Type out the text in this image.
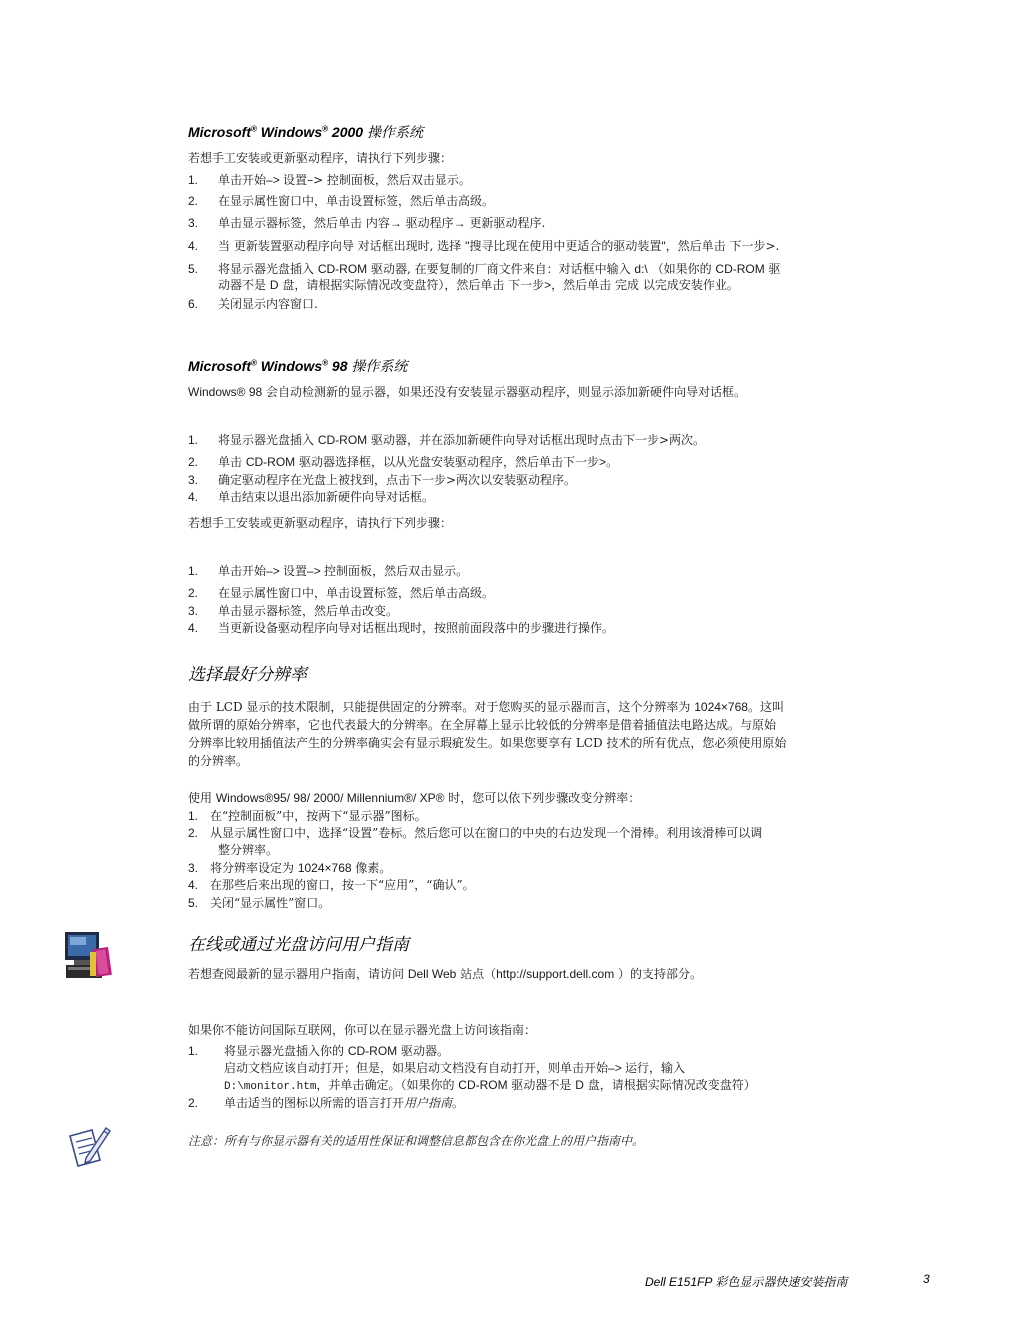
Microsoft® Windows® 2000 操作系统
若想手工安装或更新驱动程序，请执行下列步骤：
1. 单击开始–> 设置–> 控制面板，然后双击显示。
2. 在显示属性窗口中，单击设置标签，然后单击高级。
3. 单击显示器标签，然后单击 内容→ 驱动程序→ 更新驱动程序.
4. 当 更新装置驱动程序向导 对话框出现时, 选择 "搜寻比现在使用中更适合的驱动装置"，然后单击 下一步>.
5. 将显示器光盘插入 CD-ROM 驱动器, 在要复制的厂商文件来自：对话框中输入 d:\ （如果你的 CD-ROM 驱
动器不是 D 盘，请根据实际情况改变盘符），然后单击 下一步>，然后单击 完成 以完成安装作业。
6. 关闭显示内容窗口.
Microsoft® Windows® 98 操作系统
Windows® 98 会自动检测新的显示器，如果还没有安装显示器驱动程序，则显示添加新硬件向导对话框。
1. 将显示器光盘插入 CD-ROM 驱动器，并在添加新硬件向导对话框出现时点击下一步>两次。
2. 单击 CD-ROM 驱动器选择框，以从光盘安装驱动程序，然后单击下一步>。
3. 确定驱动程序在光盘上被找到，点击下一步>两次以安装驱动程序。
4. 单击结束以退出添加新硬件向导对话框。
若想手工安装或更新驱动程序，请执行下列步骤：
1. 单击开始–> 设置–> 控制面板，然后双击显示。
2. 在显示属性窗口中，单击设置标签，然后单击高级。
3. 单击显示器标签，然后单击改变。
4. 当更新设备驱动程序向导对话框出现时，按照前面段落中的步骤进行操作。
选择最好分辨率
由于 LCD 显示的技术限制，只能提供固定的分辨率。对于您购买的显示器而言，这个分辨率为 1024×768。这叫
做所谓的原始分辨率，它也代表最大的分辨率。在全屏幕上显示比较低的分辨率是借着插值法电路达成。与原始
分辨率比较用插值法产生的分辨率确实会有显示瑕疵发生。如果您要享有 LCD 技术的所有优点，您必须使用原始
的分辨率。
使用 Windows®95/ 98/ 2000/ Millennium®/ XP® 时，您可以依下列步骤改变分辨率：
1. 在“控制面板”中，按两下“显示器”图标。
2. 从显示属性窗口中，选择“设置”卷标。然后您可以在窗口的中央的右边发现一个滑棒。利用该滑棒可以调
整分辨率。
3. 将分辨率设定为 1024×768 像素。
4. 在那些后来出现的窗口，按一下“应用”，“确认”。
5. 关闭“显示属性”窗口。
在线或通过光盘访问用户指南
若想查阅最新的显示器用户指南，请访问 Dell Web 站点（http://support.dell.com ）的支持部分。
如果你不能访问国际互联网，你可以在显示器光盘上访问该指南：
1. 将显示器光盘插入你的 CD-ROM 驱动器。
启动文档应该自动打开；但是，如果启动文档没有自动打开，则单击开始–> 运行，输入
D:\monitor.htm，并单击确定。（如果你的 CD-ROM 驱动器不是 D 盘，请根据实际情况改变盘符）
2. 单击适当的图标以所需的语言打开用户指南。
注意：所有与你显示器有关的适用性保证和调整信息都包含在你光盘上的用户指南中。
Dell E151FP 彩色显示器快速安装指南	3
